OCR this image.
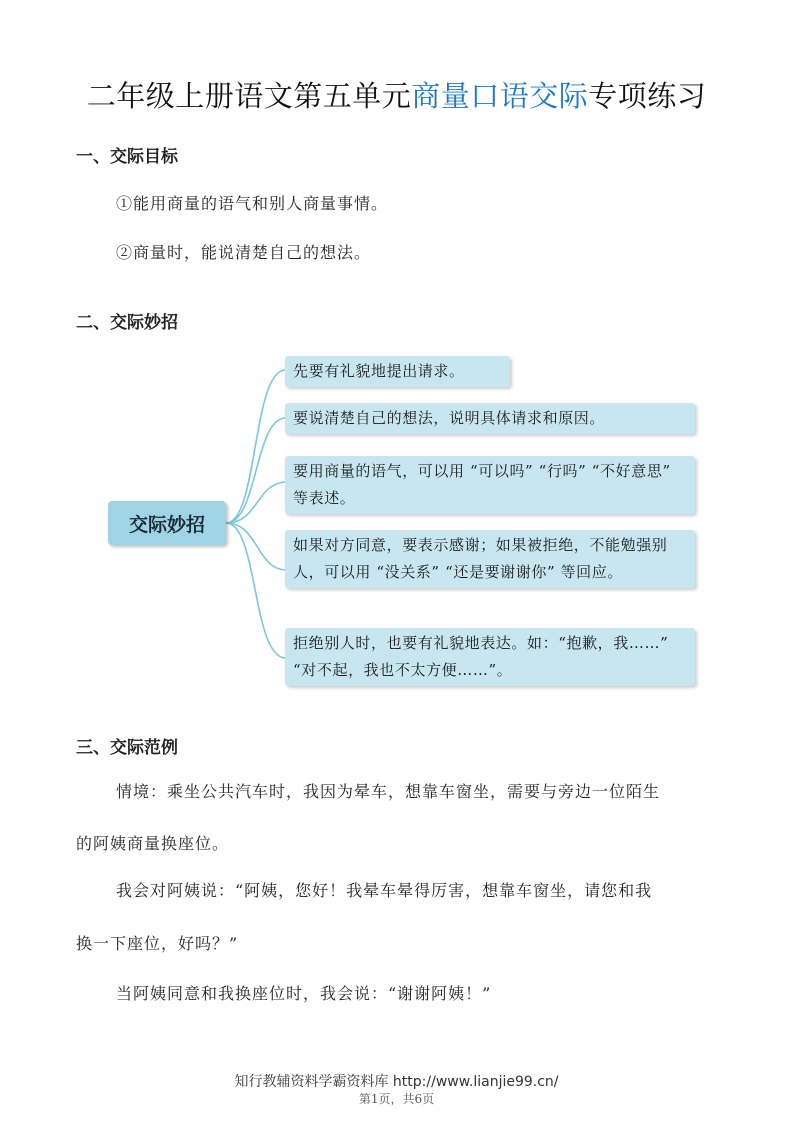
二年级上册语文第五单元商量口语交际专项练习
一、交际目标
①能用商量的语气和别人商量事情。
②商量时，能说清楚自己的想法。
二、交际妙招
交际妙招
先要有礼貌地提出请求。
要说清楚自己的想法，说明具体请求和原因。
要用商量的语气，可以用 “可以吗” “行吗” “不好意思” 等表述。
如果对方同意，要表示感谢；如果被拒绝，不能勉强别人，可以用 “没关系” “还是要谢谢你” 等回应。
拒绝别人时，也要有礼貌地表达。如：“抱歉，我……” “对不起，我也不太方便……”。
三、交际范例
情境：乘坐公共汽车时，我因为晕车，想靠车窗坐，需要与旁边一位陌生
的阿姨商量换座位。
我会对阿姨说：“阿姨，您好！我晕车晕得厉害，想靠车窗坐，请您和我
换一下座位，好吗？”
当阿姨同意和我换座位时，我会说：“谢谢阿姨！”
知行教辅资料学霸资料库 http://www.lianjie99.cn/
第1页，共6页
